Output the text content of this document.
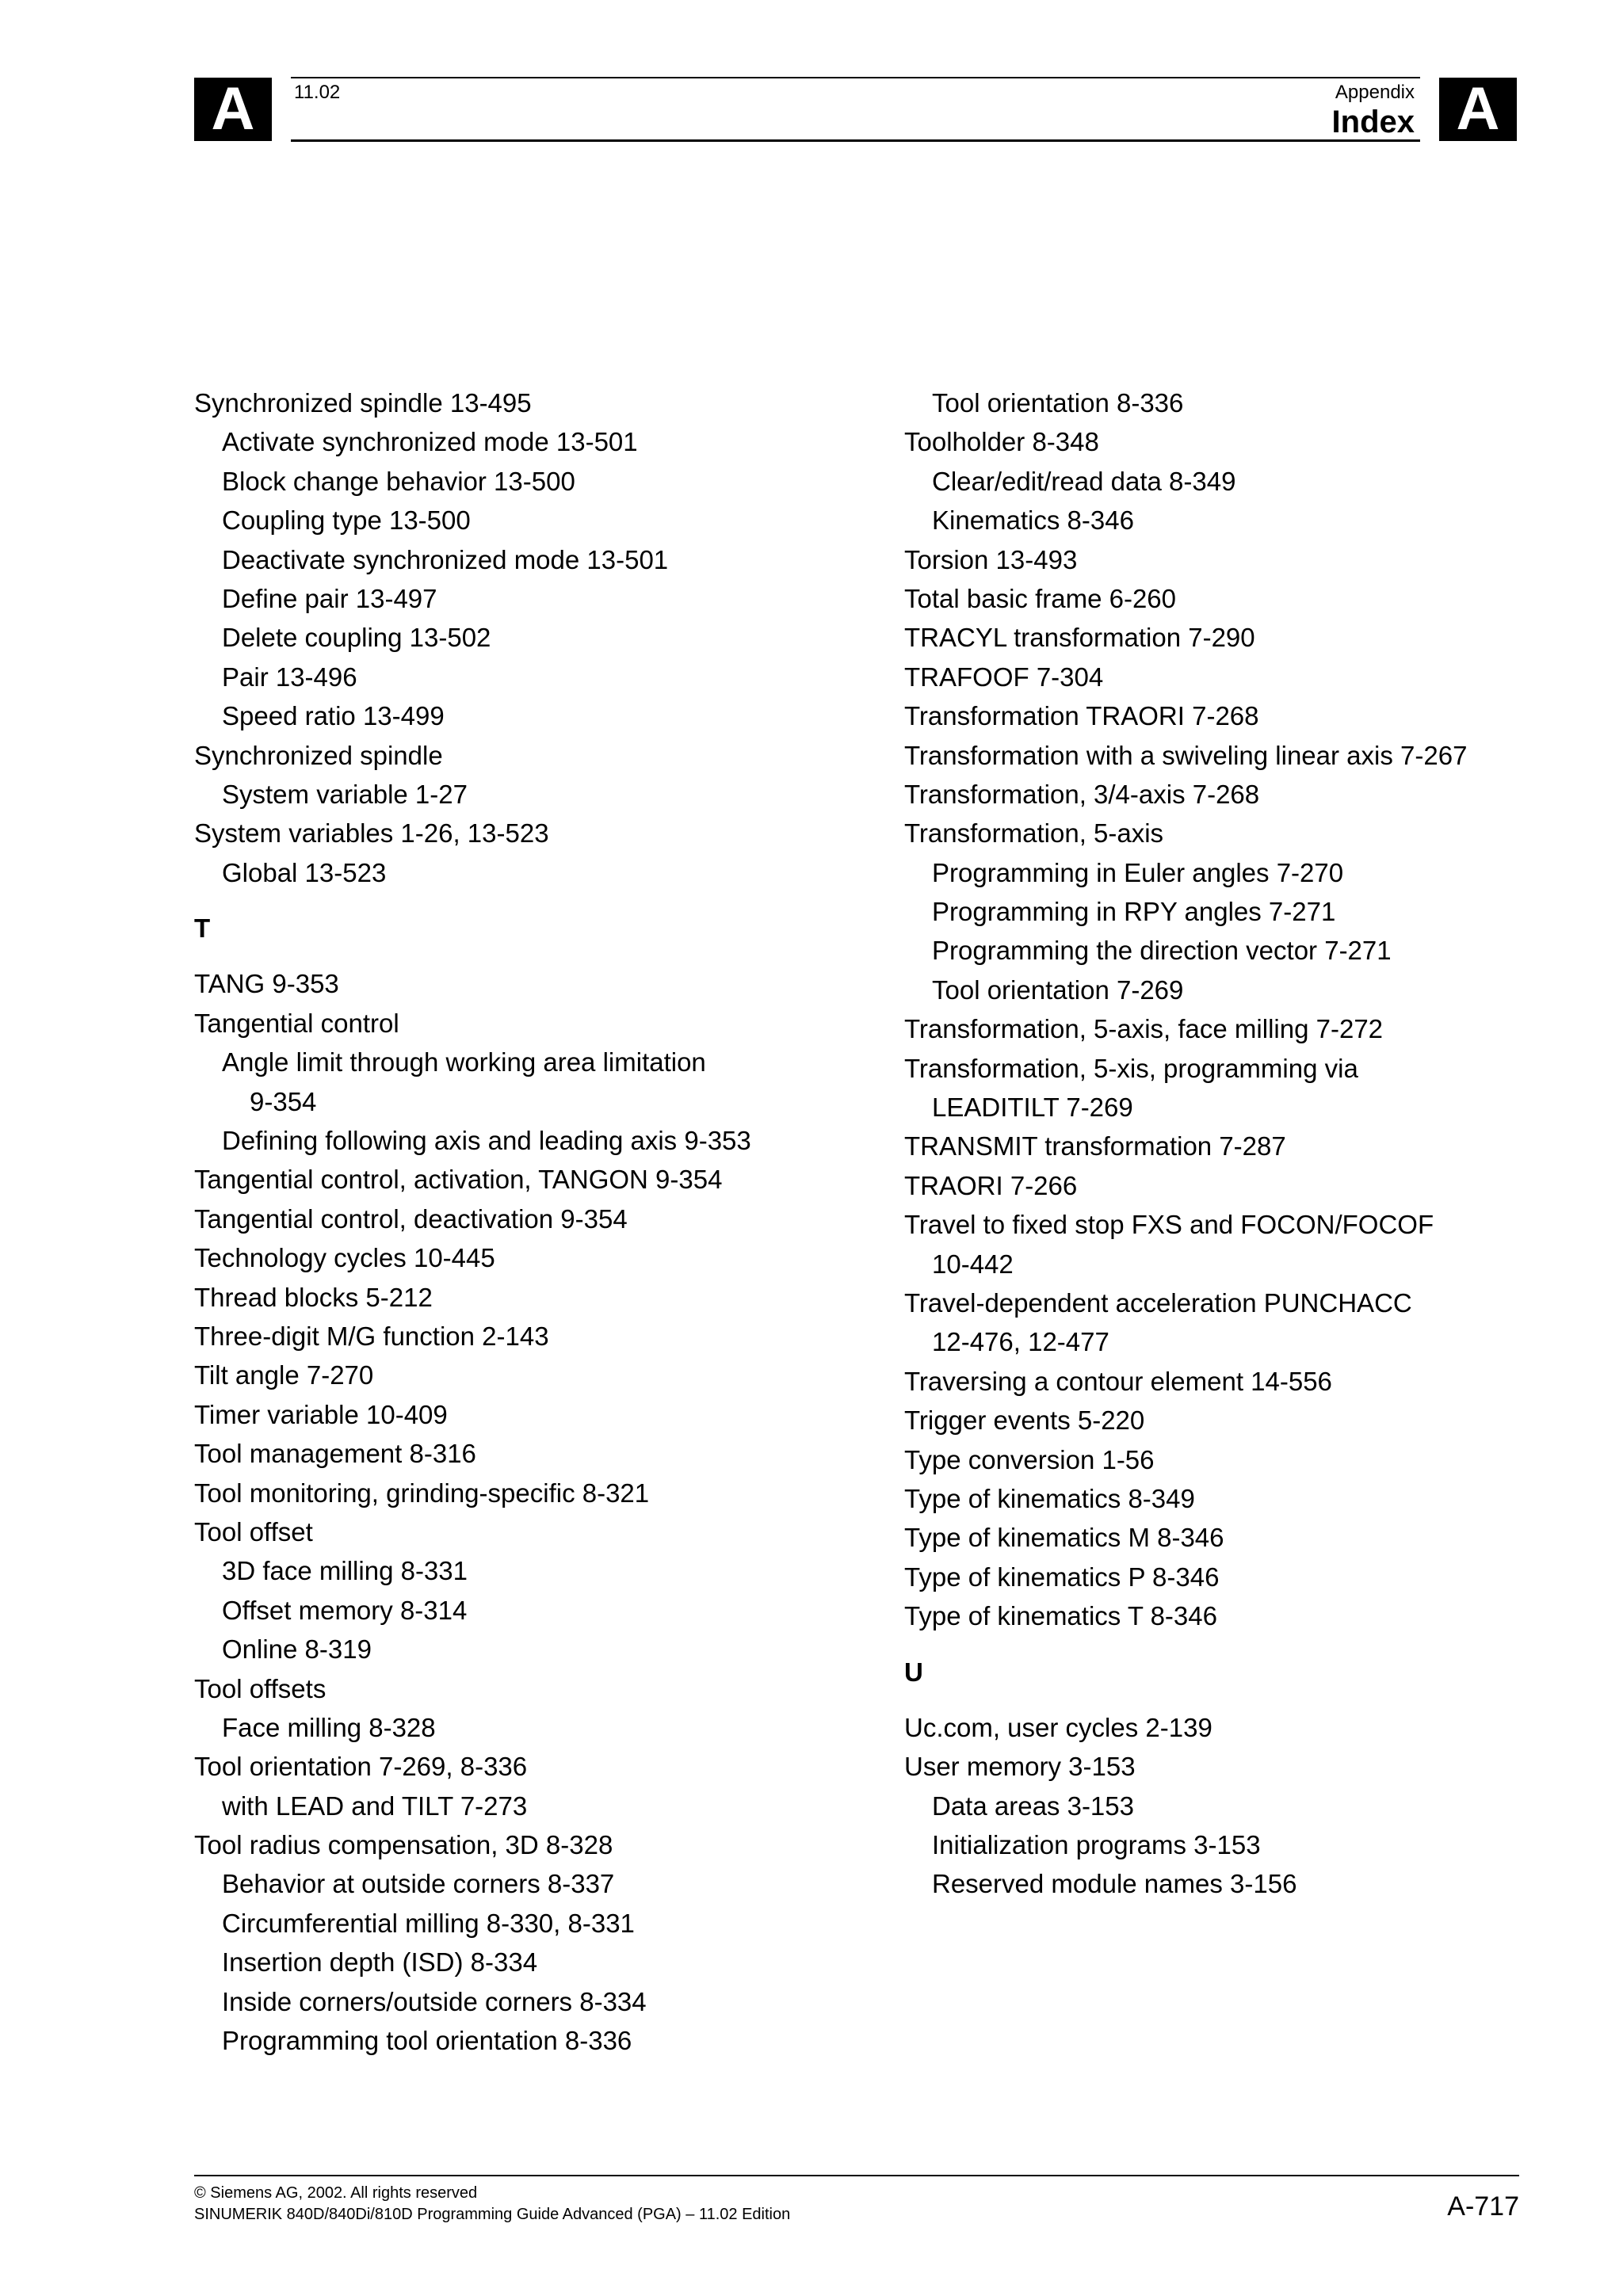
A	11.02	Appendix
Index A
Synchronized spindle 13-495
Activate synchronized mode 13-501
Block change behavior 13-500
Coupling type 13-500
Deactivate synchronized mode 13-501
Define pair 13-497
Delete coupling 13-502
Pair 13-496
Speed ratio 13-499
Synchronized spindle
System variable 1-27
System variables 1-26, 13-523
Global 13-523
T
TANG 9-353
Tangential control
Angle limit through working area limitation
9-354
Defining following axis and leading axis 9-353
Tangential control, activation, TANGON 9-354
Tangential control, deactivation 9-354
Technology cycles 10-445
Thread blocks 5-212
Three-digit M/G function 2-143
Tilt angle 7-270
Timer variable 10-409
Tool management 8-316
Tool monitoring, grinding-specific 8-321
Tool offset
3D face milling 8-331
Offset memory 8-314
Online 8-319
Tool offsets
Face milling 8-328
Tool orientation 7-269, 8-336
with LEAD and TILT 7-273
Tool radius compensation, 3D 8-328
Behavior at outside corners 8-337
Circumferential milling 8-330, 8-331
Insertion depth (ISD) 8-334
Inside corners/outside corners 8-334
Programming tool orientation 8-336
Tool orientation 8-336
Toolholder 8-348
Clear/edit/read data 8-349
Kinematics 8-346
Torsion 13-493
Total basic frame 6-260
TRACYL transformation 7-290
TRAFOOF 7-304
Transformation TRAORI 7-268
Transformation with a swiveling linear axis 7-267
Transformation, 3/4-axis 7-268
Transformation, 5-axis
Programming in Euler angles 7-270
Programming in RPY angles 7-271
Programming the direction vector 7-271
Tool orientation 7-269
Transformation, 5-axis, face milling 7-272
Transformation, 5-xis, programming via
LEADITILT 7-269
TRANSMIT transformation 7-287
TRAORI 7-266
Travel to fixed stop FXS and FOCON/FOCOF
10-442
Travel-dependent acceleration PUNCHACC
12-476, 12-477
Traversing a contour element 14-556
Trigger events 5-220
Type conversion 1-56
Type of kinematics 8-349
Type of kinematics M 8-346
Type of kinematics P 8-346
Type of kinematics T 8-346
U
Uc.com, user cycles 2-139
User memory 3-153
Data areas 3-153
Initialization programs 3-153
Reserved module names 3-156
© Siemens AG, 2002. All rights reserved
SINUMERIK 840D/840Di/810D Programming Guide Advanced (PGA) – 11.02 Edition	A-717
